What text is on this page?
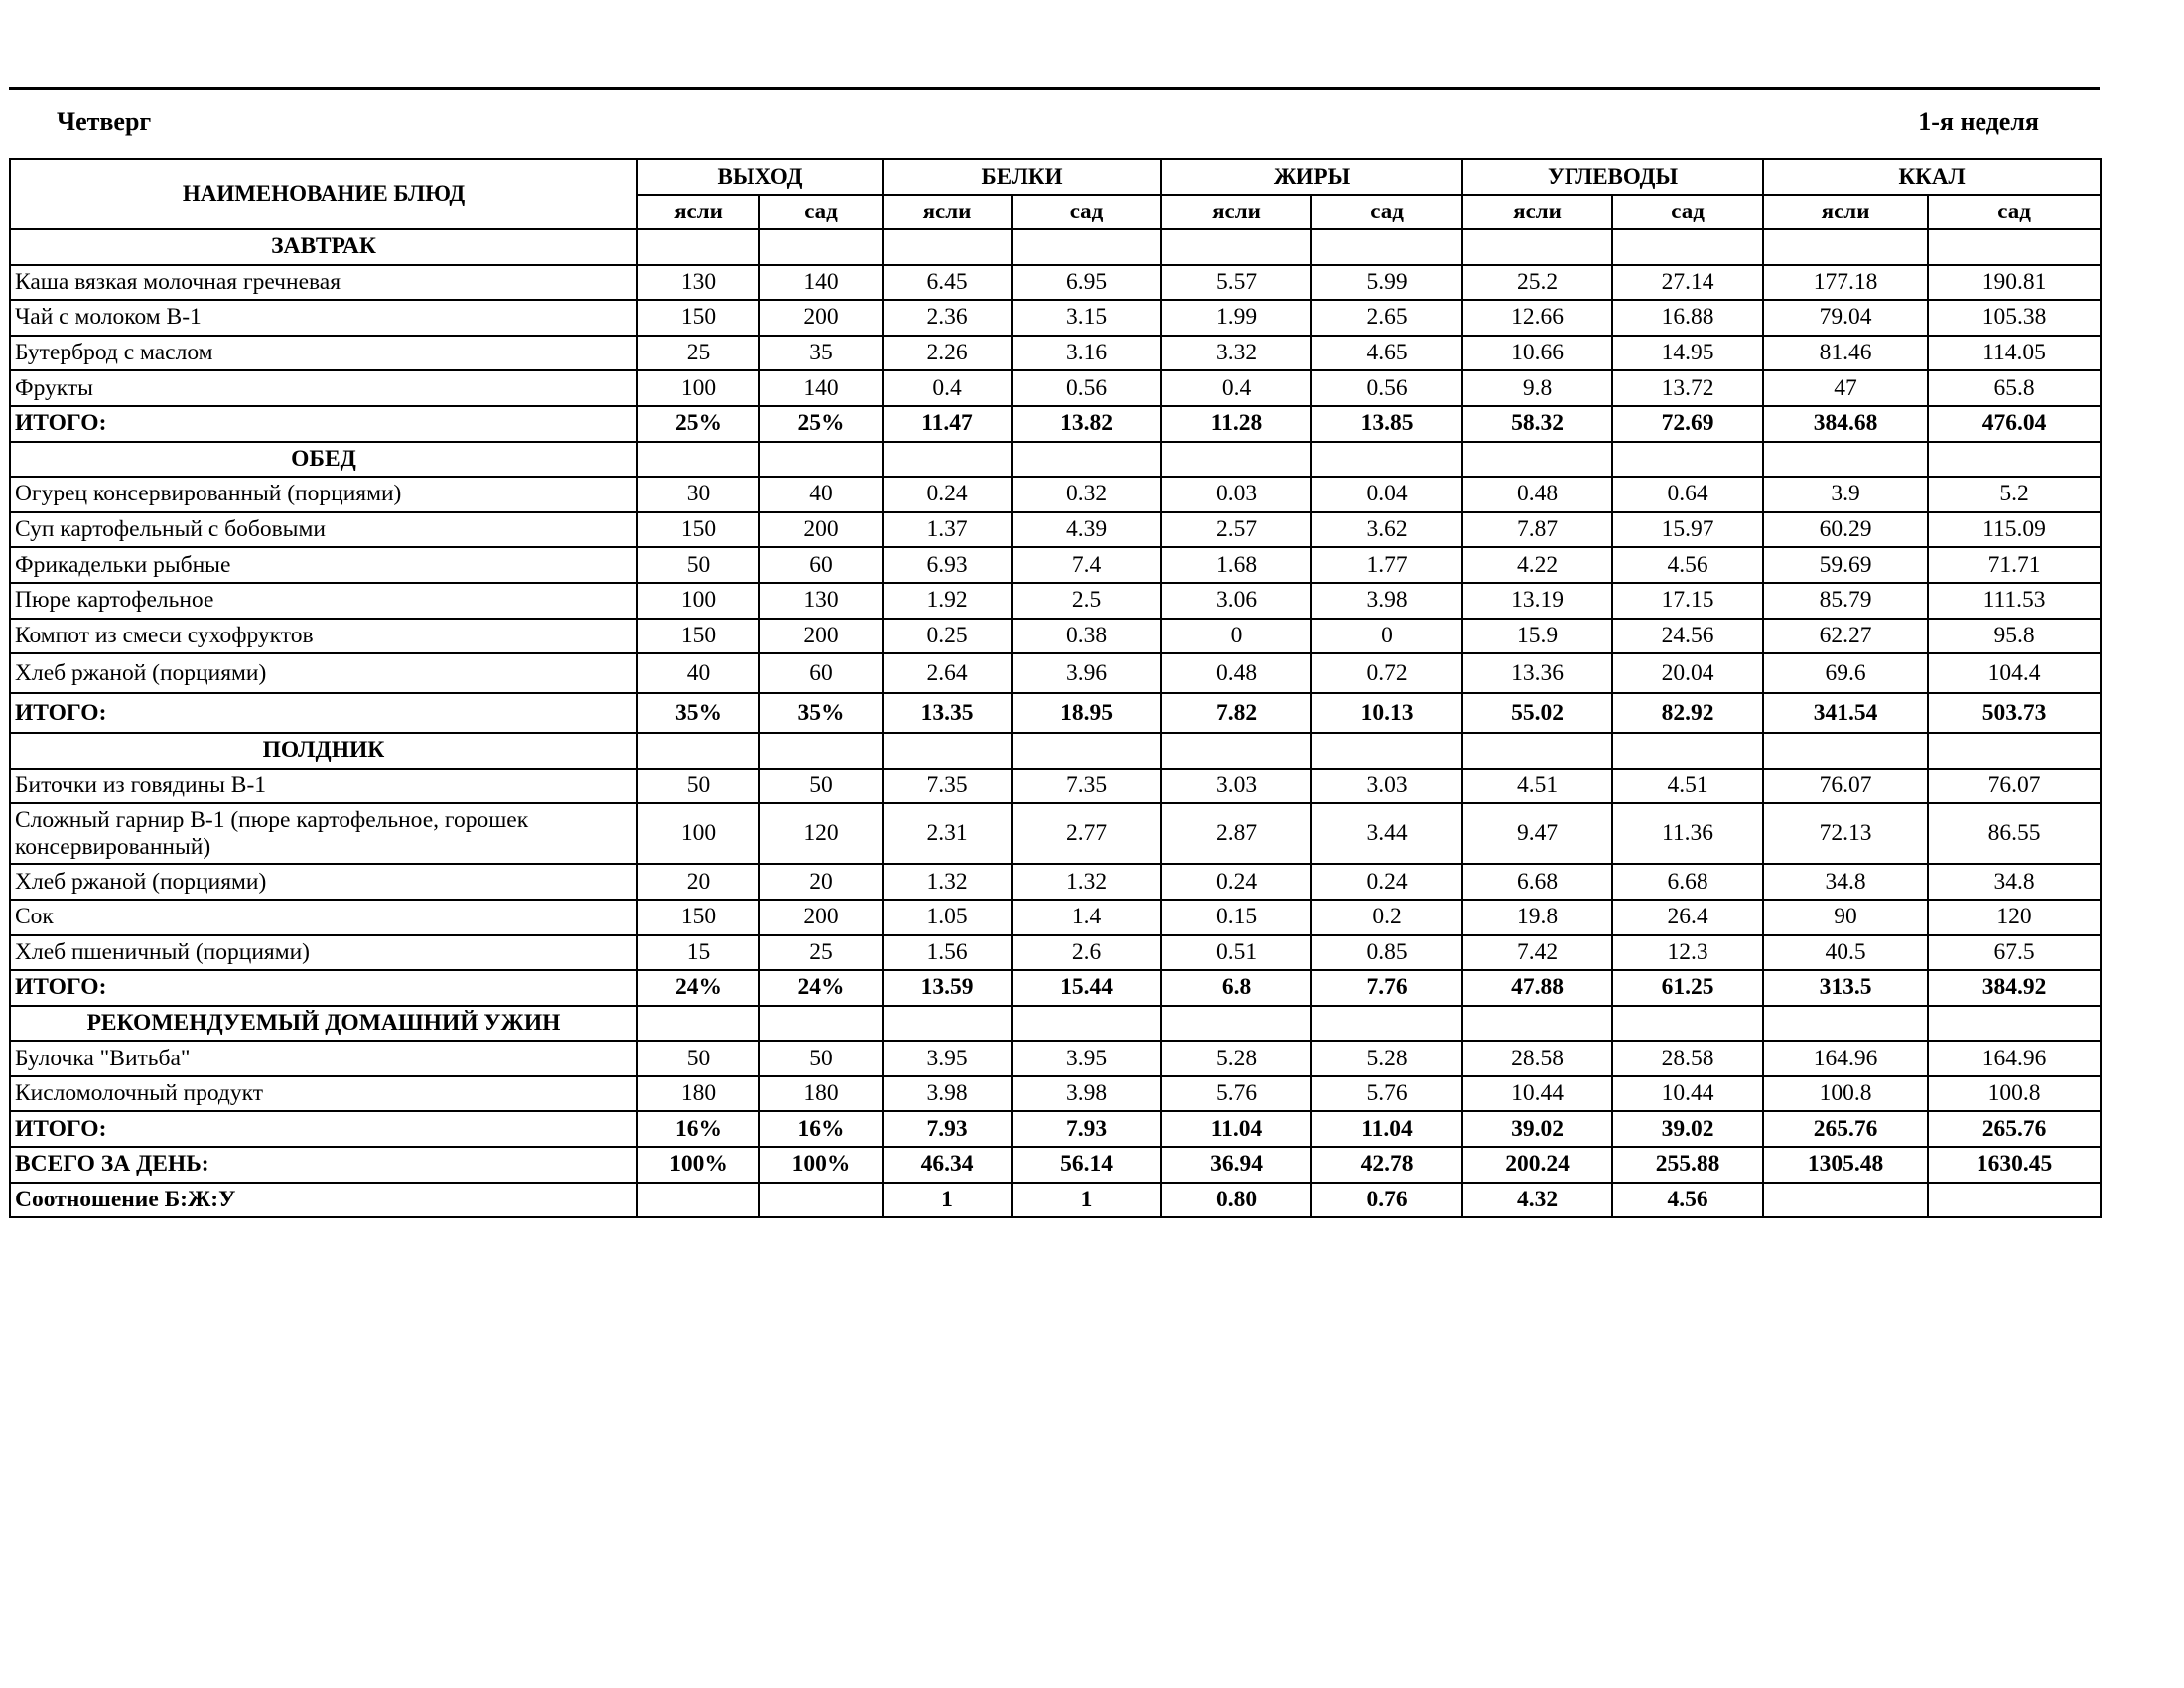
Четверг	1-я неделя
НАИМЕНОВАНИЕ БЛЮД	ВЫХОД		БЕЛКИ		ЖИРЫ		УГЛЕВОДЫ		ККАЛ	
	ясли	сад	ясли	сад	ясли	сад	ясли	сад	ясли	сад
ЗАВТРАК										
Каша вязкая молочная гречневая	130	140	6.45	6.95	5.57	5.99	25.2	27.14	177.18	190.81
Чай с молоком В-1	150	200	2.36	3.15	1.99	2.65	12.66	16.88	79.04	105.38
Бутерброд с маслом	25	35	2.26	3.16	3.32	4.65	10.66	14.95	81.46	114.05
Фрукты	100	140	0.4	0.56	0.4	0.56	9.8	13.72	47	65.8
ИТОГО:	25%	25%	11.47	13.82	11.28	13.85	58.32	72.69	384.68	476.04
ОБЕД										
Огурец консервированный (порциями)	30	40	0.24	0.32	0.03	0.04	0.48	0.64	3.9	5.2
Суп картофельный с бобовыми	150	200	1.37	4.39	2.57	3.62	7.87	15.97	60.29	115.09
Фрикадельки рыбные	50	60	6.93	7.4	1.68	1.77	4.22	4.56	59.69	71.71
Пюре картофельное	100	130	1.92	2.5	3.06	3.98	13.19	17.15	85.79	111.53
Компот из смеси сухофруктов	150	200	0.25	0.38	0	0	15.9	24.56	62.27	95.8
Хлеб ржаной (порциями)	40	60	2.64	3.96	0.48	0.72	13.36	20.04	69.6	104.4
ИТОГО:	35%	35%	13.35	18.95	7.82	10.13	55.02	82.92	341.54	503.73
ПОЛДНИК										
Биточки из говядины В-1	50	50	7.35	7.35	3.03	3.03	4.51	4.51	76.07	76.07
Сложный гарнир В-1 (пюре картофельное, горошек консервированный)	100	120	2.31	2.77	2.87	3.44	9.47	11.36	72.13	86.55
Хлеб ржаной (порциями)	20	20	1.32	1.32	0.24	0.24	6.68	6.68	34.8	34.8
Сок	150	200	1.05	1.4	0.15	0.2	19.8	26.4	90	120
Хлеб пшеничный (порциями)	15	25	1.56	2.6	0.51	0.85	7.42	12.3	40.5	67.5
ИТОГО:	24%	24%	13.59	15.44	6.8	7.76	47.88	61.25	313.5	384.92
РЕКОМЕНДУЕМЫЙ ДОМАШНИЙ УЖИН										
Булочка "Витьба"	50	50	3.95	3.95	5.28	5.28	28.58	28.58	164.96	164.96
Кисломолочный продукт	180	180	3.98	3.98	5.76	5.76	10.44	10.44	100.8	100.8
ИТОГО:	16%	16%	7.93	7.93	11.04	11.04	39.02	39.02	265.76	265.76
ВСЕГО ЗА ДЕНЬ:	100%	100%	46.34	56.14	36.94	42.78	200.24	255.88	1305.48	1630.45
Соотношение Б:Ж:У			1	1	0.80	0.76	4.32	4.56		
